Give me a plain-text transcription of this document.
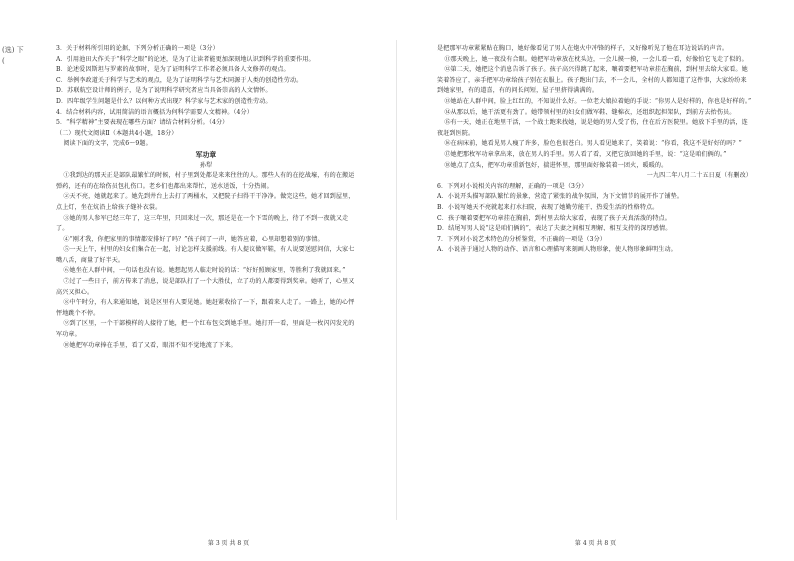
(选) 下(

3．关于材料所引用的论据，下列分析正确的一项是（3分）

A．引用池田大作关于“科学之眼”的论述，是为了让读者能更加深刻地认识到科学的重要作用。

B．论述爱因斯坦与罗素的故事时，是为了证明科学工作者必须具备人文修养的观点。

C．举例李政道关于科学与艺术的观点，是为了证明科学与艺术同源于人类的创造性劳动。

D．苏联航空设计师的例子，是为了说明科学研究者应当具备崇高的人文情怀。

D．四年级学生问题是什么？以何种方式出现？科学家与艺术家的创造性劳动。

4．结合材料内容，试用简洁的语言概括为何科学需要人文精神。（4分）

5．“科学精神”主要表现在哪些方面？请结合材料分析。（4分）

（二）现代文阅读Ⅱ（本题共4小题，18分）

阅读下面的文字，完成6～9题。

军功章

孙犁

①我到达的那天正是部队最繁忙的时候，村子里到处都是来来往往的人。那些人有的在挖战壕，有的在搬运弹药，还有的在给伤员包扎伤口。老乡们也都出来帮忙，送水送饭，十分热闹。

②天不亮，她就起来了。她先到井台上去打了两桶水，又把院子扫得干干净净。做完这些，她才回到屋里，点上灯，坐在炕沿上给孩子缝补衣裳。

③她的男人参军已经三年了，这三年里，只回来过一次，那还是在一个下雪的晚上，待了不到一夜就又走了。

④“刚才我，你把家里的事情都安排好了吗？”孩子问了一声，她答应着，心里却想着别的事情。

⑤一天上午，村里的妇女们集合在一起，讨论怎样支援前线。有人提议做军鞋，有人说要送慰问信，大家七嘴八舌，商量了好半天。

⑥她坐在人群中间，一句话也没有说。她想起男人临走时说的话：“好好照顾家里，等胜利了我就回来。”

⑦过了一些日子，前方传来了消息，说是部队打了一个大胜仗，立了功的人都要得到奖章。她听了，心里又高兴又担心。

⑧中午时分，有人来通知她，说是区里有人要见她。她赶紧收拾了一下，跟着来人走了。一路上，她的心怦怦地跳个不停。

⑨到了区里，一个干部模样的人接待了她，把一个红布包交到她手里。她打开一看，里面是一枚闪闪发光的军功章。

⑩她把军功章捧在手里，看了又看，眼泪不知不觉地流了下来。

第 3 页 共 8 页

是把那军功章紧紧贴在胸口，她好像看见了男人在炮火中冲锋的样子，又好像听见了他在耳边说话的声音。

⑪那天晚上，她一夜没有合眼。她把军功章放在枕头边，一会儿摸一摸，一会儿看一看，好像怕它飞走了似的。

⑫第二天，她把这个消息告诉了孩子。孩子高兴得跳了起来，嚷着要把军功章挂在胸前，到村里去给大家看。她笑着答应了，亲手把军功章给孩子别在衣服上。孩子跑出门去，不一会儿，全村的人都知道了这件事，大家纷纷来到她家里，有的道喜，有的问长问短，屋子里挤得满满的。

⑬她站在人群中间，脸上红红的，不知说什么好。一位老大娘拉着她的手说：“你男人是好样的，你也是好样的。”

⑭从那以后，她干活更有劲了。她带领村里的妇女们做军鞋、缝棉衣，还组织起担架队，到前方去抬伤员。

⑮有一天，她正在地里干活，一个战士跑来找她，说是她的男人受了伤，住在后方医院里。她放下手里的活，连夜赶到医院。

⑯在病床前，她看见男人瘦了许多，脸色也很苍白。男人看见她来了，笑着说：“你看，我这不是好好的吗？”

⑰她把那枚军功章拿出来，放在男人的手里。男人看了看，又把它放回她的手里，说：“这是咱们俩的。”

⑱她点了点头，把军功章重新包好，揣进怀里，那里面好像装着一团火，暖暖的。

一九四二年八月二十五日夏（有删改）

6．下列对小说相关内容的理解，正确的一项是（3分）

A．小说开头描写部队繁忙的景象，营造了紧张的战争氛围，为下文情节的展开作了铺垫。

B．小说写她天不亮就起来打水扫院，表现了她勤劳能干、热爱生活的性格特点。

C．孩子嚷着要把军功章挂在胸前，到村里去给大家看，表现了孩子天真活泼的特点。

D．结尾写男人说“这是咱们俩的”，表达了夫妻之间相互理解、相互支持的深厚感情。

7．下列对小说艺术特色的分析鉴赏，不正确的一项是（3分）

A．小说善于通过人物的动作、语言和心理描写来刻画人物形象，使人物形象鲜明生动。

第 4 页 共 8 页
